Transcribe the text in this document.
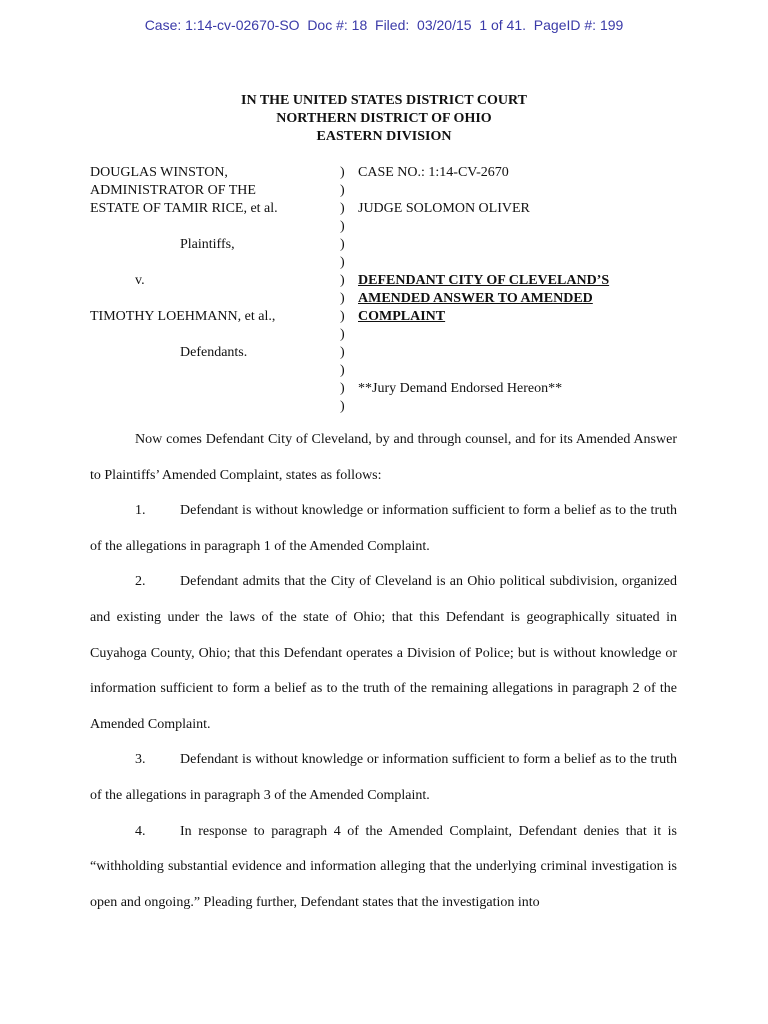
Case: 1:14-cv-02670-SO  Doc #: 18  Filed:  03/20/15  1 of 41.  PageID #: 199
IN THE UNITED STATES DISTRICT COURT
NORTHERN DISTRICT OF OHIO
EASTERN DIVISION
DOUGLAS WINSTON,	) CASE NO.: 1:14-CV-2670
ADMINISTRATOR OF THE	)
ESTATE OF TAMIR RICE, et al.	) JUDGE SOLOMON OLIVER
)
Plaintiffs,	)
)
v.	) DEFENDANT CITY OF CLEVELAND’S
) AMENDED ANSWER TO AMENDED
TIMOTHY LOEHMANN, et al.,	) COMPLAINT
)
Defendants.	)
)
) **Jury Demand Endorsed Hereon**
)

Now comes Defendant City of Cleveland, by and through counsel, and for its Amended Answer to Plaintiffs’ Amended Complaint, states as follows:

1. Defendant is without knowledge or information sufficient to form a belief as to the truth of the allegations in paragraph 1 of the Amended Complaint.

2. Defendant admits that the City of Cleveland is an Ohio political subdivision, organized and existing under the laws of the state of Ohio; that this Defendant is geographically situated in Cuyahoga County, Ohio; that this Defendant operates a Division of Police; but is without knowledge or information sufficient to form a belief as to the truth of the remaining allegations in paragraph 2 of the Amended Complaint.

3. Defendant is without knowledge or information sufficient to form a belief as to the truth of the allegations in paragraph 3 of the Amended Complaint.

4. In response to paragraph 4 of the Amended Complaint, Defendant denies that it is “withholding substantial evidence and information alleging that the underlying criminal investigation is open and ongoing.” Pleading further, Defendant states that the investigation into
